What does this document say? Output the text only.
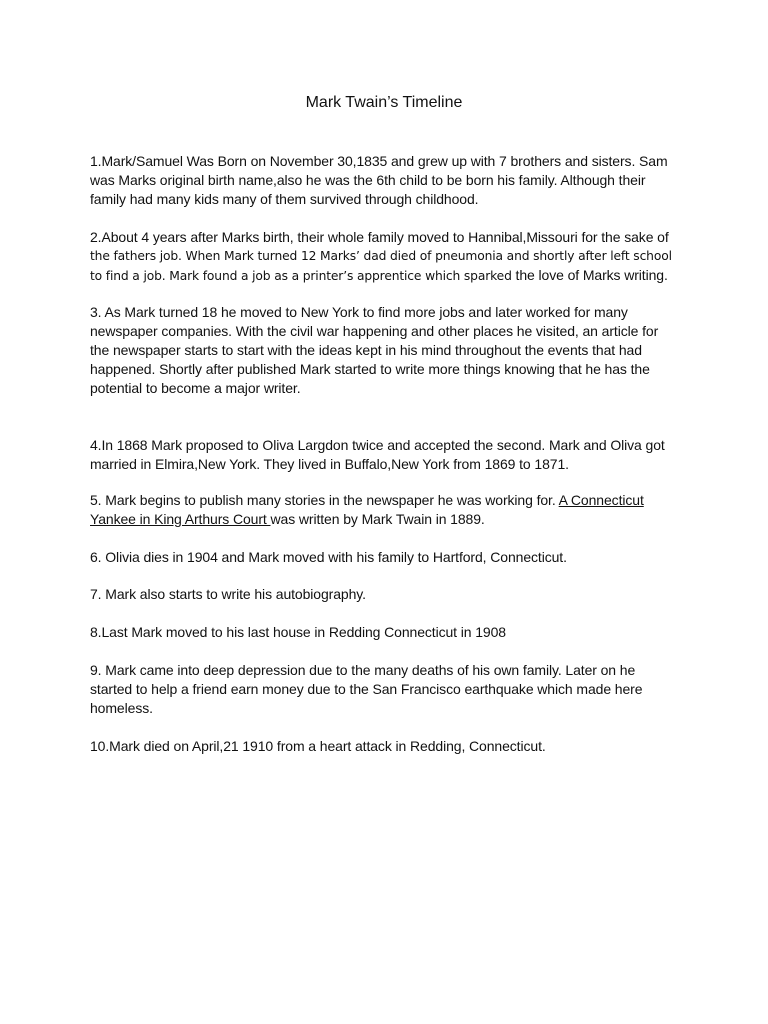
Mark Twain’s Timeline

1.Mark/Samuel Was Born on November 30,1835 and grew up with 7 brothers and sisters. Sam
was Marks original birth name,also he was the 6th child to be born his family. Although their
family had many kids many of them survived through childhood.

2.About 4 years after Marks birth, their whole family moved to Hannibal,Missouri for the sake of
the fathers job. When Mark turned 12 Marks’ dad died of pneumonia and shortly after left school
to find a job. Mark found a job as a printer’s apprentice which sparked the love of Marks writing.

3. As Mark turned 18 he moved to New York to find more jobs and later worked for many
newspaper companies. With the civil war happening and other places he visited, an article for
the newspaper starts to start with the ideas kept in his mind throughout the events that had
happened. Shortly after published Mark started to write more things knowing that he has the
potential to become a major writer.

4.In 1868 Mark proposed to Oliva Largdon twice and accepted the second. Mark and Oliva got
married in Elmira,New York. They lived in Buffalo,New York from 1869 to 1871.

5. Mark begins to publish many stories in the newspaper he was working for. A Connecticut
Yankee in King Arthurs Court was written by Mark Twain in 1889.

6. Olivia dies in 1904 and Mark moved with his family to Hartford, Connecticut.

7. Mark also starts to write his autobiography.

8.Last Mark moved to his last house in Redding Connecticut in 1908

9. Mark came into deep depression due to the many deaths of his own family. Later on he
started to help a friend earn money due to the San Francisco earthquake which made here
homeless.

10.Mark died on April,21 1910 from a heart attack in Redding, Connecticut.
